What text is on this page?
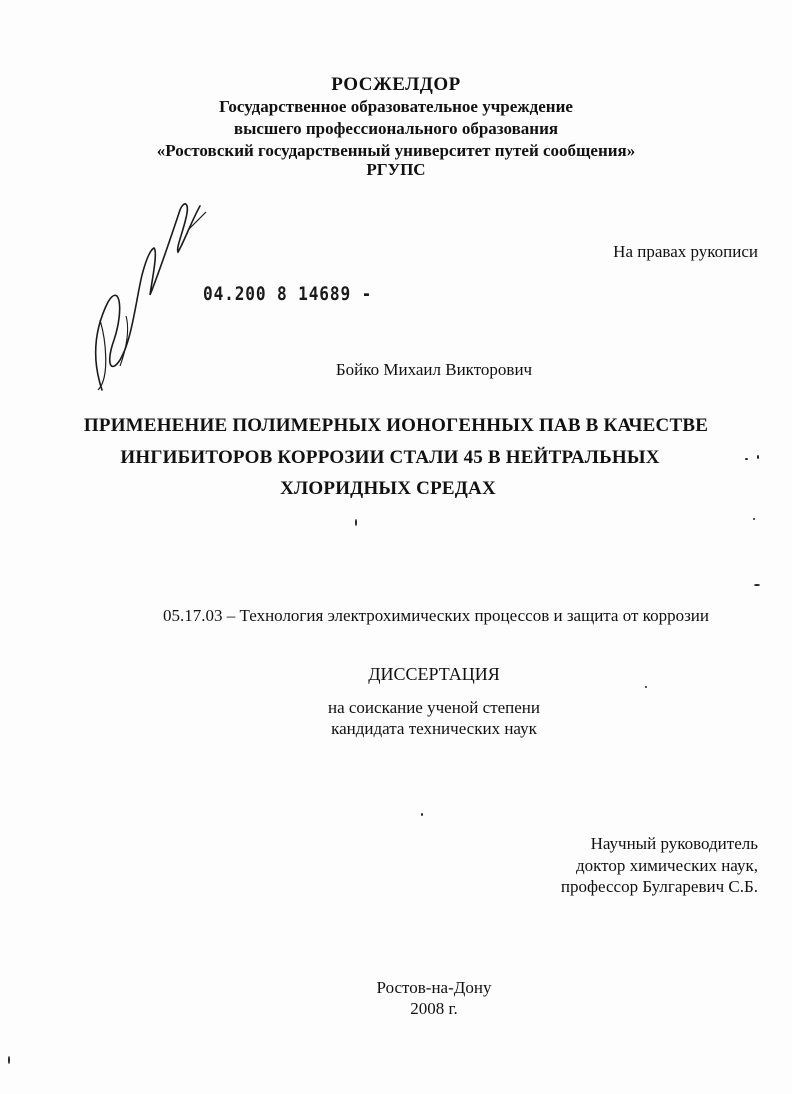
РОСЖЕЛДОР
Государственное образовательное учреждение
высшего профессионального образования
«Ростовский государственный университет путей сообщения»
РГУПС
На правах рукописи
04.200 8 14689 -
Бойко Михаил Викторович
ПРИМЕНЕНИЕ ПОЛИМЕРНЫХ ИОНОГЕННЫХ ПАВ В КАЧЕСТВЕ
ИНГИБИТОРОВ КОРРОЗИИ СТАЛИ 45 В НЕЙТРАЛЬНЫХ
ХЛОРИДНЫХ СРЕДАХ
05.17.03 – Технология электрохимических процессов и защита от коррозии
ДИССЕРТАЦИЯ
на соискание ученой степени
кандидата технических наук
Научный руководитель
доктор химических наук,
профессор Булгаревич С.Б.
Ростов-на-Дону
2008 г.
